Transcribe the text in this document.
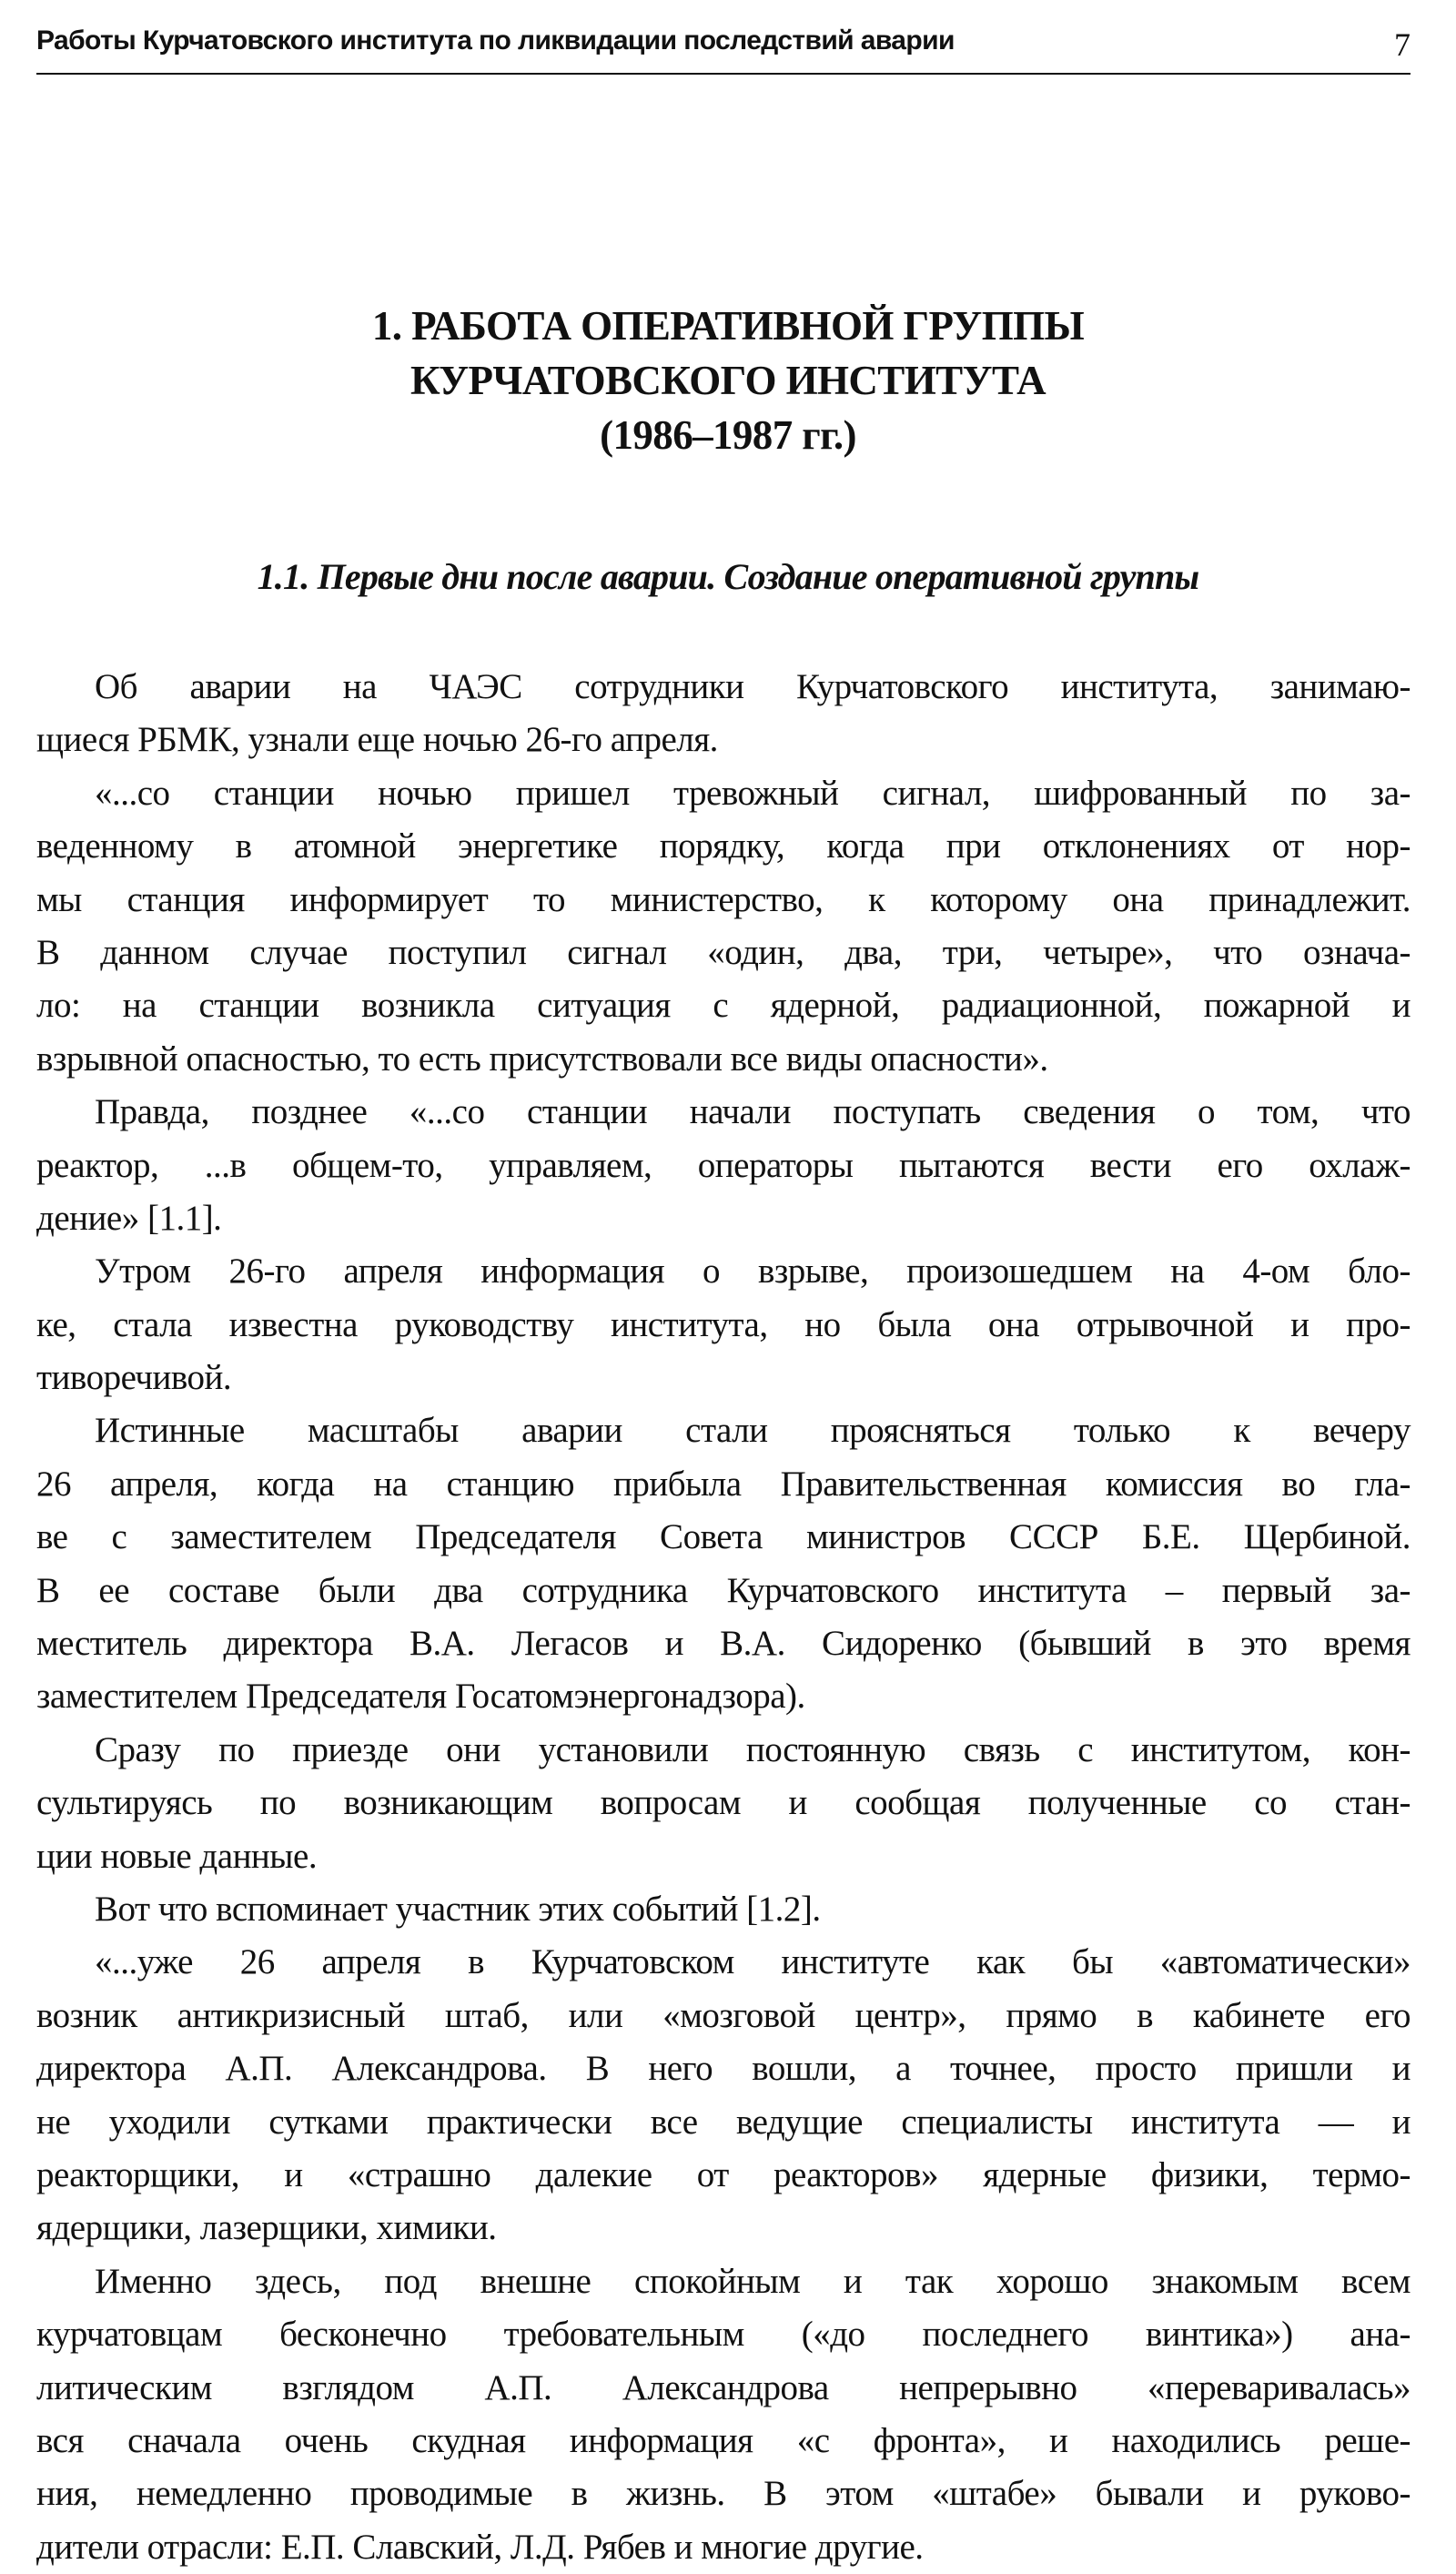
Работы Курчатовского института по ликвидации последствий аварии	7
1. РАБОТА ОПЕРАТИВНОЙ ГРУППЫ
КУРЧАТОВСКОГО ИНСТИТУТА
(1986–1987 гг.)
1.1. Первые дни после аварии. Создание оперативной группы
Об аварии на ЧАЭС сотрудники Курчатовского института, занимаю-
щиеся РБМК, узнали еще ночью 26-го апреля.
«...со станции ночью пришел тревожный сигнал, шифрованный по за-
веденному в атомной энергетике порядку, когда при отклонениях от нор-
мы станция информирует то министерство, к которому она принадлежит.
В данном случае поступил сигнал «один, два, три, четыре», что означа-
ло: на станции возникла ситуация с ядерной, радиационной, пожарной и
взрывной опасностью, то есть присутствовали все виды опасности».
Правда, позднее «...со станции начали поступать сведения о том, что
реактор, ...в общем-то, управляем, операторы пытаются вести его охлаж-
дение» [1.1].
Утром 26-го апреля информация о взрыве, произошедшем на 4-ом бло-
ке, стала известна руководству института, но была она отрывочной и про-
тиворечивой.
Истинные масштабы аварии стали проясняться только к вечеру
26 апреля, когда на станцию прибыла Правительственная комиссия во гла-
ве с заместителем Председателя Совета министров СССР Б.Е. Щербиной.
В ее составе были два сотрудника Курчатовского института – первый за-
меститель директора В.А. Легасов и В.А. Сидоренко (бывший в это время
заместителем Председателя Госатомэнергонадзора).
Сразу по приезде они установили постоянную связь с институтом, кон-
сультируясь по возникающим вопросам и сообщая полученные со стан-
ции новые данные.
Вот что вспоминает участник этих событий [1.2].
«...уже 26 апреля в Курчатовском институте как бы «автоматически»
возник антикризисный штаб, или «мозговой центр», прямо в кабинете его
директора А.П. Александрова. В него вошли, а точнее, просто пришли и
не уходили сутками практически все ведущие специалисты института — и
реакторщики, и «страшно далекие от реакторов» ядерные физики, термо-
ядерщики, лазерщики, химики.
Именно здесь, под внешне спокойным и так хорошо знакомым всем
курчатовцам бесконечно требовательным («до последнего винтика») ана-
литическим взглядом А.П. Александрова непрерывно «переваривалась»
вся сначала очень скудная информация «с фронта», и находились реше-
ния, немедленно проводимые в жизнь. В этом «штабе» бывали и руково-
дители отрасли: Е.П. Славский, Л.Д. Рябев и многие другие.
